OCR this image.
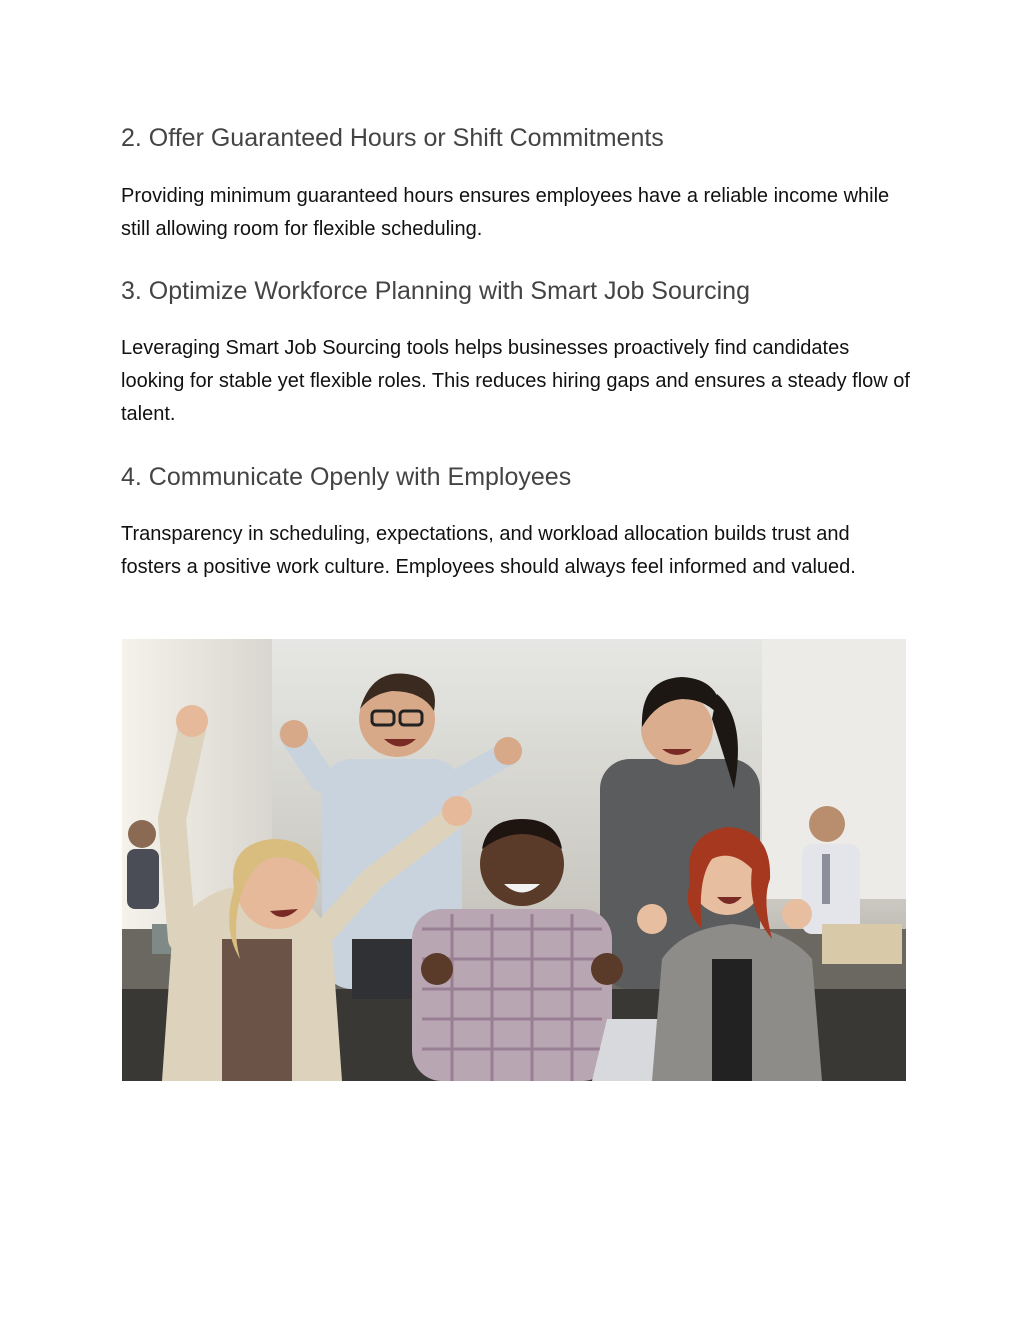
2. Offer Guaranteed Hours or Shift Commitments

Providing minimum guaranteed hours ensures employees have a reliable income while still allowing room for flexible scheduling.

3. Optimize Workforce Planning with Smart Job Sourcing

Leveraging Smart Job Sourcing tools helps businesses proactively find candidates looking for stable yet flexible roles. This reduces hiring gaps and ensures a steady flow of talent.

4. Communicate Openly with Employees

Transparency in scheduling, expectations, and workload allocation builds trust and fosters a positive work culture. Employees should always feel informed and valued.
